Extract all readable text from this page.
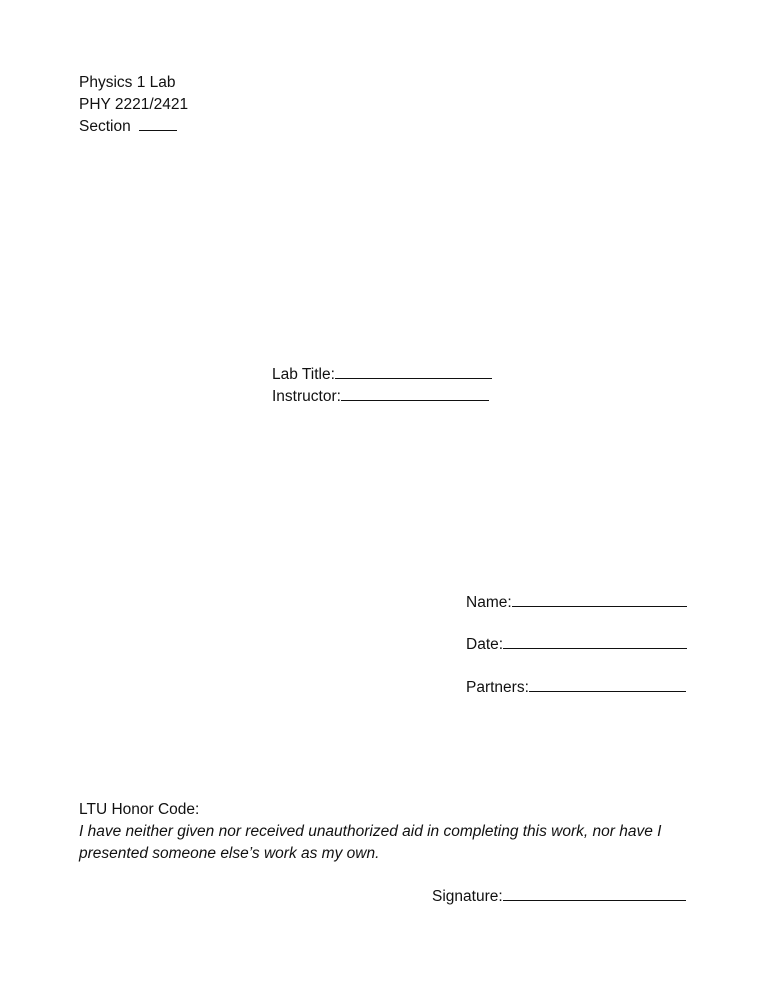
Physics 1 Lab
PHY 2221/2421
Section
Lab Title:
Instructor:
Name:
Date:
Partners:
LTU Honor Code:
I have neither given nor received unauthorized aid in completing this work, nor have I
presented someone else’s work as my own.
Signature:
